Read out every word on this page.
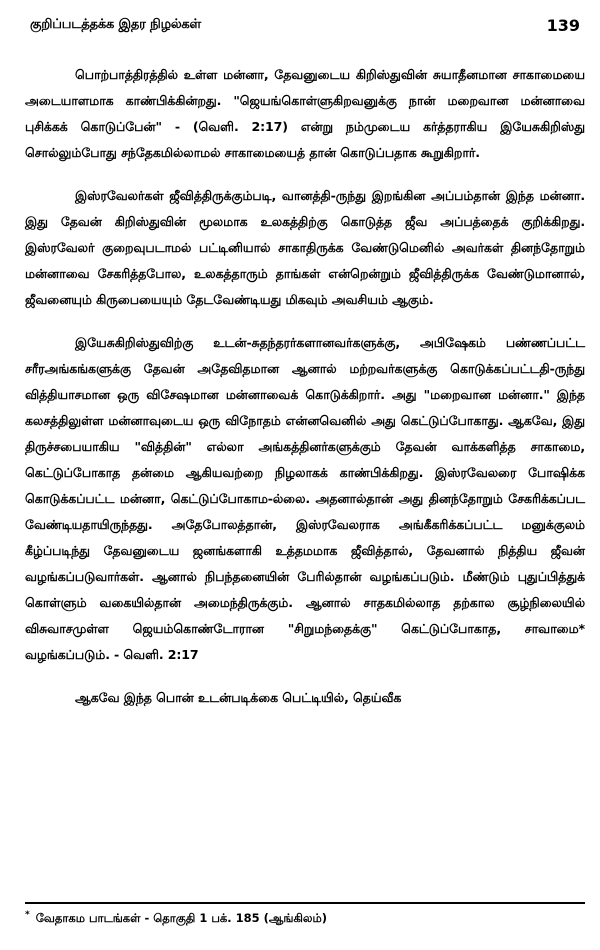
குறிப்படத்தக்க இதர நிழல்கள்	139

பொற்பாத்திரத்தில் உள்ள மன்னா, தேவனுடைய கிறிஸ்துவின் சுயாதீனமான சாகாமையை அடையாளமாக காண்பிக்கின்றது. "ஜெயங்கொள்ளுகிறவனுக்கு நான் மறைவான மன்னாவை புசிக்கக் கொடுப்பேன்" - (வெளி. 2:17) என்று நம்முடைய கர்த்தராகிய இயேசுகிறிஸ்து சொல்லும்போது சந்தேகமில்லாமல் சாகாமையைத் தான் கொடுப்பதாக கூறுகிறார்.

இஸ்ரவேலர்கள் ஜீவித்திருக்கும்படி, வானத்தி-ருந்து இறங்கின அப்பம்தான் இந்த மன்னா. இது தேவன் கிறிஸ்துவின் மூலமாக உலகத்திற்கு கொடுத்த ஜீவ அப்பத்தைக் குறிக்கிறது. இஸ்ரவேலர் குறைவுபடாமல் பட்டினியால் சாகாதிருக்க வேண்டுமெனில் அவர்கள் தினந்தோறும் மன்னாவை சேகரித்தபோல, உலகத்தாரும் தாங்கள் என்றென்றும் ஜீவித்திருக்க வேண்டுமானால், ஜீவனையும் கிருபையையும் தேடவேண்டியது மிகவும் அவசியம் ஆகும்.

இயேசுகிறிஸ்துவிற்கு உடன்-சுதந்தரர்களானவர்களுக்கு, அபிஷேகம் பண்ணப்பட்ட சரீரஅங்கங்களுக்கு தேவன் அதேவிதமான ஆனால் மற்றவர்களுக்கு கொடுக்கப்பட்டதி-ருந்து வித்தியாசமான ஒரு விசேஷமான மன்னாவைக் கொடுக்கிறார். அது "மறைவான மன்னா." இந்த கலசத்திலுள்ள மன்னாவுடைய ஒரு விநோதம் என்னவெனில் அது கெட்டுப்போகாது. ஆகவே, இது திருச்சபையாகிய "வித்தின்" எல்லா அங்கத்தினர்களுக்கும் தேவன் வாக்களித்த சாகாமை, கெட்டுப்போகாத தன்மை ஆகியவற்றை நிழலாகக் காண்பிக்கிறது. இஸ்ரவேலரை போஷிக்க கொடுக்கப்பட்ட மன்னா, கெட்டுப்போகாம-ல்லை. அதனால்தான் அது தினந்தோறும் சேகரிக்கப்பட வேண்டியதாயிருந்தது. அதேபோலத்தான், இஸ்ரவேலராக அங்கீகரிக்கப்பட்ட மனுக்குலம் கீழ்ப்படிந்து தேவனுடைய ஜனங்களாகி உத்தமமாக ஜீவித்தால், தேவனால் நித்திய ஜீவன் வழங்கப்படுவார்கள். ஆனால் நிபந்தனையின் பேரில்தான் வழங்கப்படும். மீண்டும் புதுப்பித்துக் கொள்ளும் வகையில்தான் அமைந்திருக்கும். ஆனால் சாதகமில்லாத தற்கால சூழ்நிலையில் விசுவாசமுள்ள ஜெயம்கொண்டோரான "சிறுமந்தைக்கு" கெட்டுப்போகாத, சாவாமை* வழங்கப்படும். - வெளி. 2:17

ஆகவே இந்த பொன் உடன்படிக்கை பெட்டியில், தெய்வீக

* வேதாகம பாடங்கள் - தொகுதி 1 பக். 185 (ஆங்கிலம்)
